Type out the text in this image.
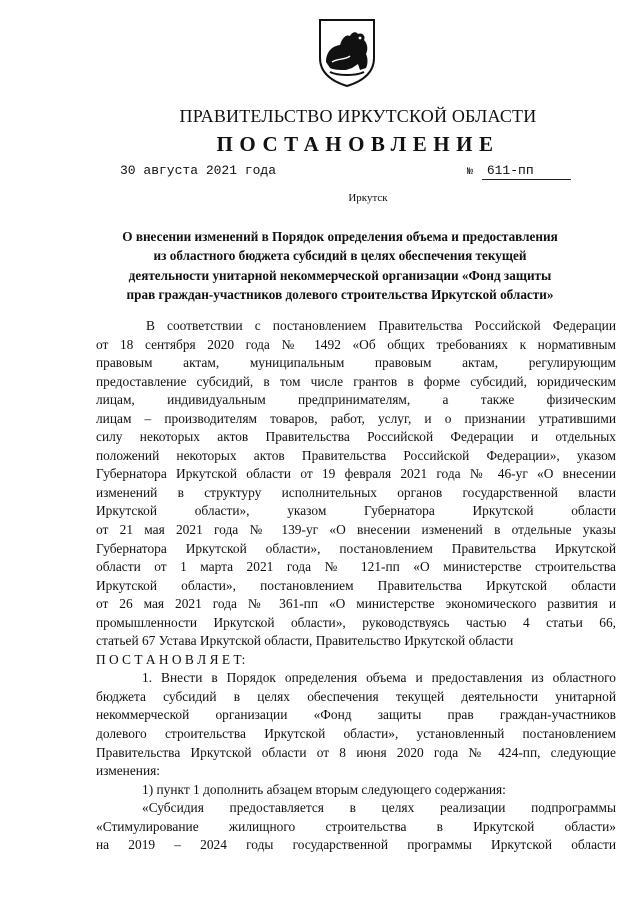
ПРАВИТЕЛЬСТВО ИРКУТСКОЙ ОБЛАСТИ
ПОСТАНОВЛЕНИЕ
30 августа 2021 года	№ 611-пп
Иркутск
О внесении изменений в Порядок определения объема и предоставления
из областного бюджета субсидий в целях обеспечения текущей
деятельности унитарной некоммерческой организации «Фонд защиты
прав граждан-участников долевого строительства Иркутской области»
В соответствии с постановлением Правительства Российской Федерации
от 18 сентября 2020 года № 1492 «Об общих требованиях к нормативным
правовым актам, муниципальным правовым актам, регулирующим
предоставление субсидий, в том числе грантов в форме субсидий, юридическим
лицам, индивидуальным предпринимателям, а также физическим
лицам – производителям товаров, работ, услуг, и о признании утратившими
силу некоторых актов Правительства Российской Федерации и отдельных
положений некоторых актов Правительства Российской Федерации», указом
Губернатора Иркутской области от 19 февраля 2021 года № 46-уг «О внесении
изменений в структуру исполнительных органов государственной власти
Иркутской области», указом Губернатора Иркутской области
от 21 мая 2021 года № 139-уг «О внесении изменений в отдельные указы
Губернатора Иркутской области», постановлением Правительства Иркутской
области от 1 марта 2021 года № 121-пп «О министерстве строительства
Иркутской области», постановлением Правительства Иркутской области
от 26 мая 2021 года № 361-пп «О министерстве экономического развития и
промышленности Иркутской области», руководствуясь частью 4 статьи 66,
статьей 67 Устава Иркутской области, Правительство Иркутской области
П О С Т А Н О В Л Я Е Т:
1. Внести в Порядок определения объема и предоставления из областного
бюджета субсидий в целях обеспечения текущей деятельности унитарной
некоммерческой организации «Фонд защиты прав граждан-участников
долевого строительства Иркутской области», установленный постановлением
Правительства Иркутской области от 8 июня 2020 года № 424-пп, следующие
изменения:
1) пункт 1 дополнить абзацем вторым следующего содержания:
«Субсидия предоставляется в целях реализации подпрограммы
«Стимулирование жилищного строительства в Иркутской области»
на 2019 – 2024 годы государственной программы Иркутской области
